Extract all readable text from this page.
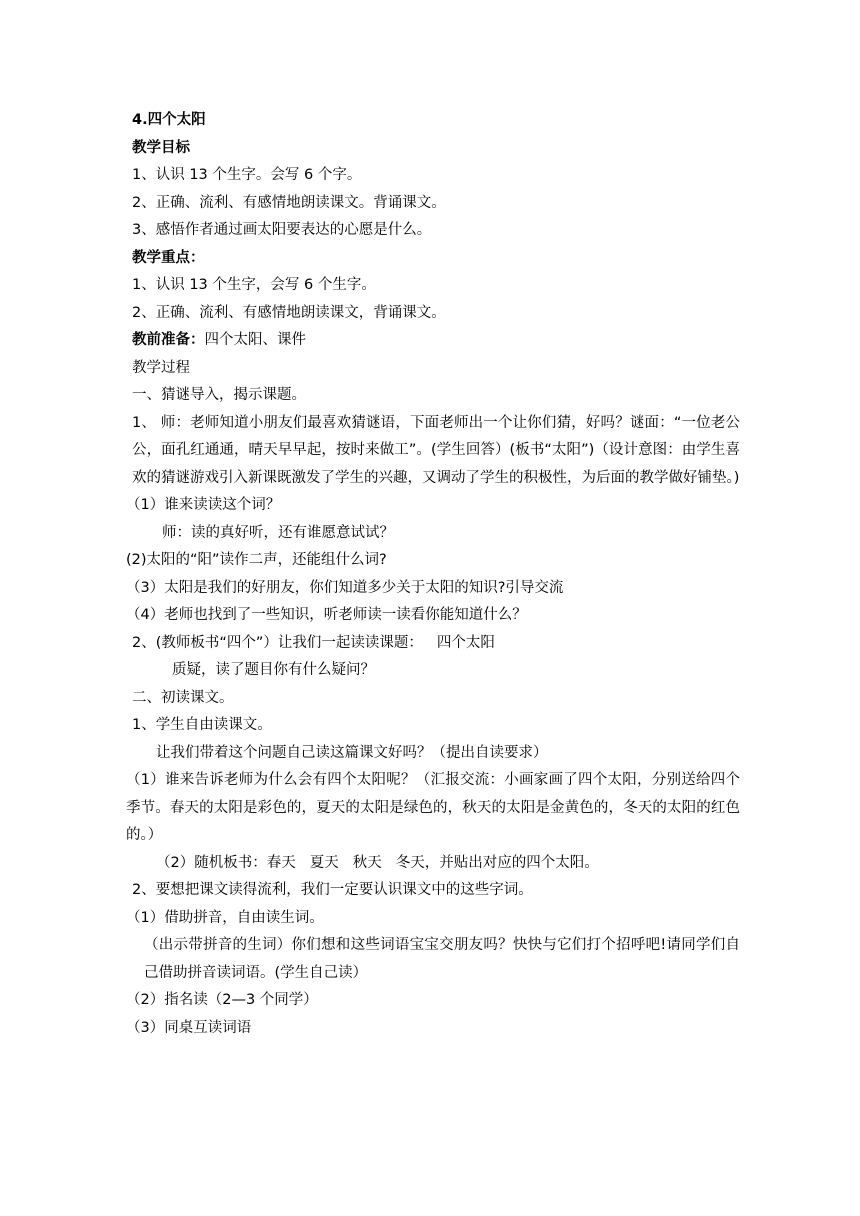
4.四个太阳

教学目标

1、认识 13 个生字。会写 6 个字。

2、正确、流利、有感情地朗读课文。背诵课文。

3、感悟作者通过画太阳要表达的心愿是什么。

教学重点：

1、认识 13 个生字，会写 6 个生字。

2、正确、流利、有感情地朗读课文，背诵课文。

教前准备：四个太阳、课件

教学过程

一、猜谜导入，揭示课题。

1、 师：老师知道小朋友们最喜欢猜谜语，下面老师出一个让你们猜，好吗？谜面：“一位老公公，面孔红通通，晴天早早起，按时来做工”。(学生回答）(板书“太阳”)（设计意图：由学生喜欢的猜谜游戏引入新课既激发了学生的兴趣，又调动了学生的积极性，为后面的教学做好铺垫。)

（1）谁来读读这个词？

师：读的真好听，还有谁愿意试试？

(2)太阳的“阳”读作二声，还能组什么词?

（3）太阳是我们的好朋友，你们知道多少关于太阳的知识?引导交流

（4）老师也找到了一些知识，听老师读一读看你能知道什么？

2、(教师板书“四个”）让我们一起读读课题： 四个太阳

质疑，读了题目你有什么疑问？

二、初读课文。

1、学生自由读课文。

让我们带着这个问题自己读这篇课文好吗？（提出自读要求）

（1）谁来告诉老师为什么会有四个太阳呢？（汇报交流：小画家画了四个太阳，分别送给四个季节。春天的太阳是彩色的，夏天的太阳是绿色的，秋天的太阳是金黄色的，冬天的太阳的红色的。）

（2）随机板书：春天 夏天 秋天 冬天，并贴出对应的四个太阳。

2、要想把课文读得流利，我们一定要认识课文中的这些字词。

（1）借助拼音，自由读生词。

（出示带拼音的生词）你们想和这些词语宝宝交朋友吗？快快与它们打个招呼吧!请同学们自己借助拼音读词语。(学生自己读）

（2）指名读（2—3 个同学）

（3）同桌互读词语
